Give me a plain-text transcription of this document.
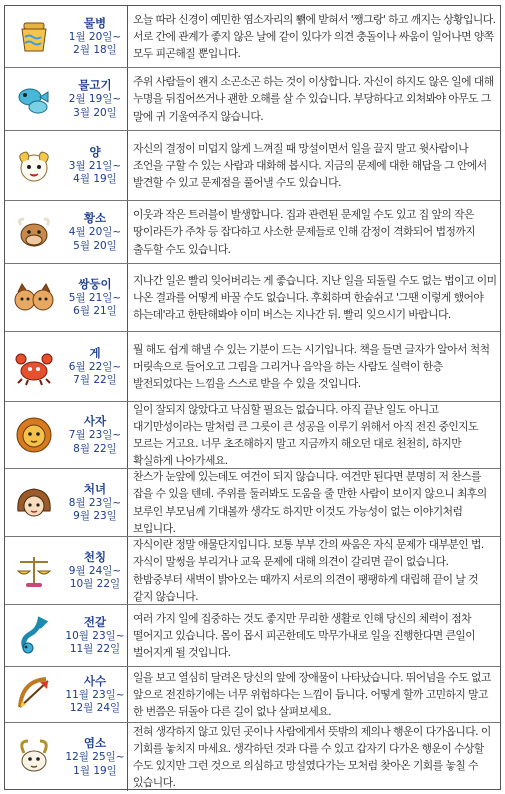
물병
1월 20일~
2월 18일
오늘 따라 신경이 예민한 염소자리의 뾁에 받혀서 '쨍그랑' 하고 깨지는 상황입니다. 서로 간에 관계가 좋지 않은 날에 같이 있다가 의견 충돌이나 싸움이 일어나면 양쪽 모두 피곤해질 뿐입니다.
물고기
2월 19일~
3월 20일
주위 사람들이 왠지 소곤소곤 하는 것이 이상합니다. 자신이 하지도 않은 일에 대해 누명을 뒤집어쓰거나 괜한 오해를 살 수 있습니다. 부당하다고 외쳐봐야 아무도 그 말에 귀 기울여주지 않습니다.
양
3월 21일~
4월 19일
자신의 결정이 미덥지 않게 느껴질 때 망설이면서 일을 끌지 말고 윗사람이나 조언을 구할 수 있는 사람과 대화해 봅시다. 지금의 문제에 대한 해답을 그 안에서 발견할 수 있고 문제점을 풀어낼 수도 있습니다.
황소
4월 20일~
5월 20일
이웃과 작은 트러블이 발생합니다. 집과 관련된 문제일 수도 있고 집 앞의 작은 땅이라든가 주차 등 잡다하고 사소한 문제들로 인해 감정이 격화되어 법정까지 출두할 수도 있습니다.
쌍둥이
5월 21일~
6월 21일
지나간 일은 빨리 잊어버리는 게 좋습니다. 지난 일을 되돌릴 수도 없는 법이고 이미 나온 결과를 어떻게 바꿀 수도 없습니다. 후회하며 한숨쉬고 '그땐 이렇게 했어야 하는데'라고 한탄해봐야 이미 버스는 지나간 뒤. 빨리 잊으시기 바랍니다.
게
6월 22일~
7월 22일
뭘 해도 쉽게 해낼 수 있는 기분이 드는 시기입니다. 책을 들면 글자가 알아서 척척 머릿속으로 들어오고 그림을 그리거나 음악을 하는 사람도 실력이 한층 발전되었다는 느낌을 스스로 받을 수 있을 것입니다.
사자
7월 23일~
8월 22일
일이 잘되지 않았다고 낙심할 필요는 없습니다. 아직 끝난 일도 아니고 대기만성이라는 말처럼 큰 그릇이 큰 성공을 이루기 위해서 아직 전진 중인지도 모르는 거고요. 너무 초조해하지 말고 지금까지 해오던 대로 천천히, 하지만 확실하게 나아가세요.
처녀
8월 23일~
9월 23일
찬스가 눈앞에 있는데도 여건이 되지 않습니다. 여건만 된다면 분명히 저 찬스를 잡을 수 있을 텐데. 주위를 둘러봐도 도움을 줄 만한 사람이 보이지 않으니 최후의 보루인 부모님께 기대볼까 생각도 하지만 이것도 가능성이 없는 이야기처럼 보입니다.
천칭
9월 24일~
10월 22일
자식이란 정말 애물단지입니다. 보통 부부 간의 싸움은 자식 문제가 대부분인 법. 자식이 말썽을 부리거나 교육 문제에 대해 의견이 갈리면 끝이 없습니다. 한밤중부터 새벽이 밝아오는 때까지 서로의 의견이 팽팽하게 대립해 끝이 날 것 같지 않습니다.
전갈
10월 23일~
11월 22일
여러 가지 일에 집중하는 것도 좋지만 무리한 생활로 인해 당신의 체력이 점차 떨어지고 있습니다. 몸이 몹시 피곤한데도 막무가내로 일을 진행한다면 큰일이 벌어지게 될 것입니다.
사수
11월 23일~
12월 24일
일을 보고 열심히 달려온 당신의 앞에 장애물이 나타났습니다. 뛰어넘을 수도 없고 앞으로 전진하기에는 너무 위험하다는 느낌이 듭니다. 어떻게 할까 고민하지 말고 한 번쯤은 뒤돌아 다른 길이 없나 살펴보세요.
염소
12월 25일~
1월 19일
전혀 생각하지 않고 있던 곳이나 사람에게서 뜻밖의 제의나 행운이 다가옵니다. 이 기회를 놓치지 마세요. 생각하던 것과 다를 수 있고 갑자기 다가온 행운이 수상할 수도 있지만 그런 것으로 의심하고 망설였다가는 모처럼 찾아온 기회를 놓칠 수 있습니다.
